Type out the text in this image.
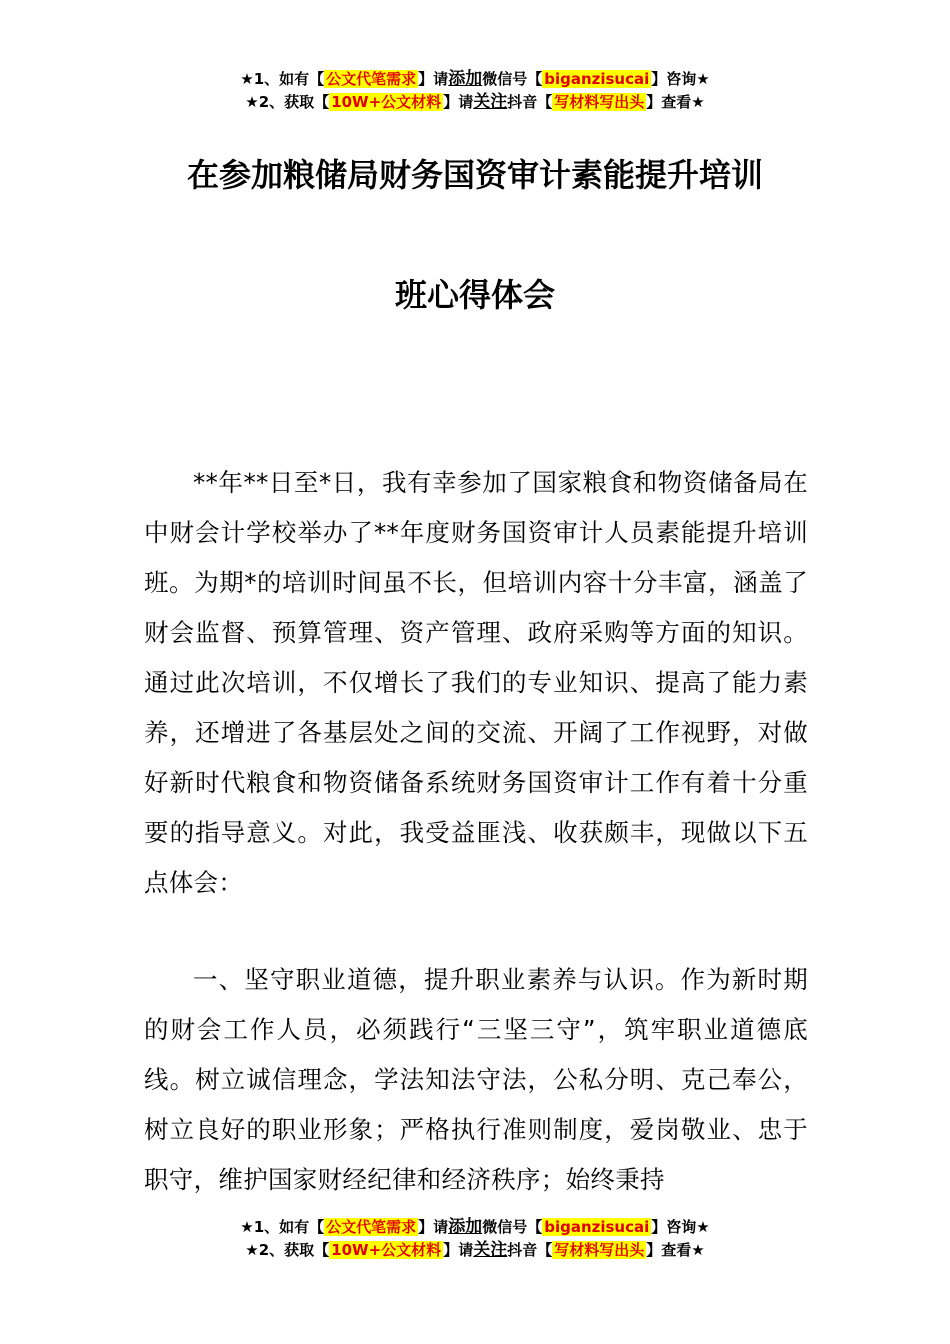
★1、如有【 公文代笔需求 】请添加微信号【 biganzisucai 】咨询★
★2、获取【 10W+公文材料 】请关注抖音【 写材料写出头 】查看★
在参加粮储局财务国资审计素能提升培训
班心得体会

**年**日至*日，我有幸参加了国家粮食和物资储备局在中财会计学校举办了**年度财务国资审计人员素能提升培训班。为期*的培训时间虽不长，但培训内容十分丰富，涵盖了财会监督、预算管理、资产管理、政府采购等方面的知识。通过此次培训，不仅增长了我们的专业知识、提高了能力素养，还增进了各基层处之间的交流、开阔了工作视野，对做好新时代粮食和物资储备系统财务国资审计工作有着十分重要的指导意义。对此，我受益匪浅、收获颇丰，现做以下五点体会：

一、坚守职业道德，提升职业素养与认识。作为新时期的财会工作人员，必须践行“三坚三守”，筑牢职业道德底线。树立诚信理念，学法知法守法，公私分明、克己奉公，树立良好的职业形象；严格执行准则制度，爱岗敬业、忠于职守，维护国家财经纪律和经济秩序；始终秉持

★1、如有【 公文代笔需求 】请添加微信号【 biganzisucai 】咨询★
★2、获取【 10W+公文材料 】请关注抖音【 写材料写出头 】查看★
